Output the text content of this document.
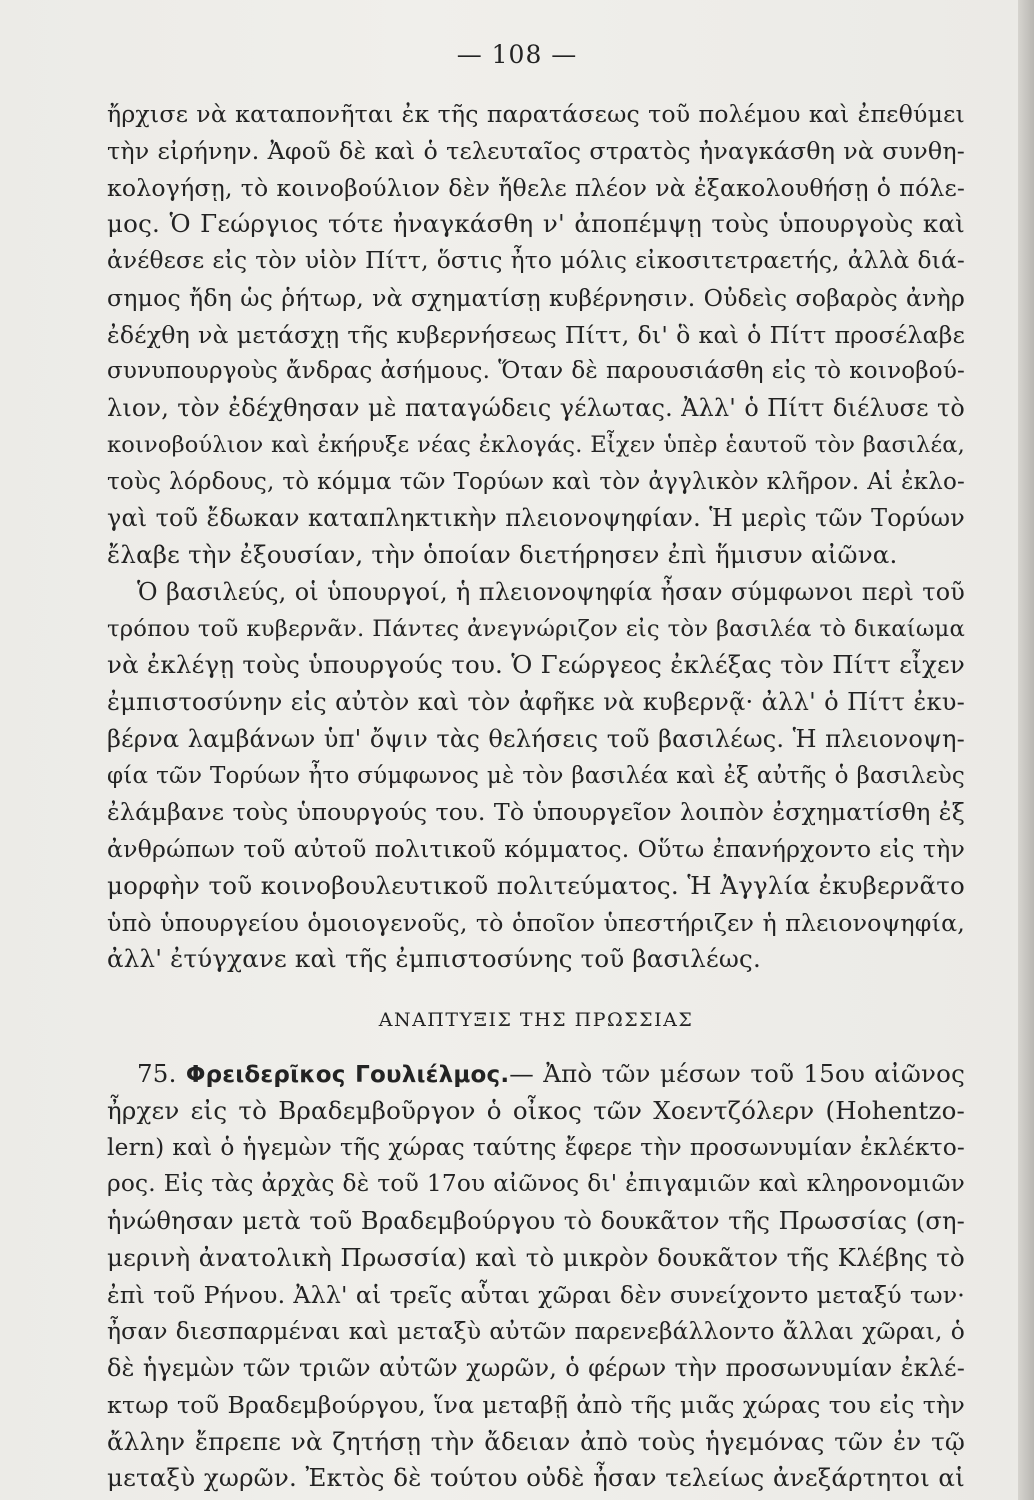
— 108 —
ἤρχισε νὰ καταπονῆται ἐκ τῆς παρατάσεως τοῦ πολέμου καὶ ἐπεθύμει
τὴν εἰρήνην. Ἀφοῦ δὲ καὶ ὁ τελευταῖος στρατὸς ἠναγκάσθη νὰ συνθη-
κολογήσῃ, τὸ κοινοβούλιον δὲν ἤθελε πλέον νὰ ἐξακολουθήσῃ ὁ πόλε-
μος. Ὁ Γεώργιος τότε ἠναγκάσθη ν' ἀποπέμψῃ τοὺς ὑπουργοὺς καὶ
ἀνέθεσε εἰς τὸν υἱὸν Πίττ, ὅστις ἦτο μόλις εἰκοσιτετραετής, ἀλλὰ διά-
σημος ἤδη ὡς ῥήτωρ, νὰ σχηματίσῃ κυβέρνησιν. Οὐδεὶς σοβαρὸς ἀνὴρ
ἐδέχθη νὰ μετάσχῃ τῆς κυβερνήσεως Πίττ, δι' ὃ καὶ ὁ Πίττ προσέλαβε
συνυπουργοὺς ἄνδρας ἀσήμους. Ὅταν δὲ παρουσιάσθη εἰς τὸ κοινοβού-
λιον, τὸν ἐδέχθησαν μὲ παταγώδεις γέλωτας. Ἀλλ' ὁ Πίττ διέλυσε τὸ
κοινοβούλιον καὶ ἐκήρυξε νέας ἐκλογάς. Εἶχεν ὑπὲρ ἑαυτοῦ τὸν βασιλέα,
τοὺς λόρδους, τὸ κόμμα τῶν Τορύων καὶ τὸν ἀγγλικὸν κλῆρον. Αἱ ἐκλο-
γαὶ τοῦ ἔδωκαν καταπληκτικὴν πλειονοψηφίαν. Ἡ μερὶς τῶν Τορύων
ἔλαβε τὴν ἐξουσίαν, τὴν ὁποίαν διετήρησεν ἐπὶ ἥμισυν αἰῶνα.
Ὁ βασιλεύς, οἱ ὑπουργοί, ἡ πλειονοψηφία ἦσαν σύμφωνοι περὶ τοῦ
τρόπου τοῦ κυβερνᾶν. Πάντες ἀνεγνώριζον εἰς τὸν βασιλέα τὸ δικαίωμα
νὰ ἐκλέγῃ τοὺς ὑπουργούς του. Ὁ Γεώργεος ἐκλέξας τὸν Πίττ εἶχεν
ἐμπιστοσύνην εἰς αὐτὸν καὶ τὸν ἀφῆκε νὰ κυβερνᾷ· ἀλλ' ὁ Πίττ ἐκυ-
βέρνα λαμβάνων ὑπ' ὄψιν τὰς θελήσεις τοῦ βασιλέως. Ἡ πλειονοψη-
φία τῶν Τορύων ἦτο σύμφωνος μὲ τὸν βασιλέα καὶ ἐξ αὐτῆς ὁ βασιλεὺς
ἐλάμβανε τοὺς ὑπουργούς του. Τὸ ὑπουργεῖον λοιπὸν ἐσχηματίσθη ἐξ
ἀνθρώπων τοῦ αὐτοῦ πολιτικοῦ κόμματος. Οὕτω ἐπανήρχοντο εἰς τὴν
μορφὴν τοῦ κοινοβουλευτικοῦ πολιτεύματος. Ἡ Ἀγγλία ἐκυβερνᾶτο
ὑπὸ ὑπουργείου ὁμοιογενοῦς, τὸ ὁποῖον ὑπεστήριζεν ἡ πλειονοψηφία,
ἀλλ' ἐτύγχανε καὶ τῆς ἐμπιστοσύνης τοῦ βασιλέως.
ΑΝΑΠΤΥΞΙΣ ΤΗΣ ΠΡΩΣΣΙΑΣ
75. Φρειδερῖκος Γουλιέλμος.— Ἀπὸ τῶν μέσων τοῦ 15ου αἰῶνος
ἦρχεν εἰς τὸ Βραδεμβοῦργον ὁ οἶκος τῶν Χοεντζόλερν (Hohentzo-
lern) καὶ ὁ ἡγεμὼν τῆς χώρας ταύτης ἔφερε τὴν προσωνυμίαν ἐκλέκτο-
ρος. Εἰς τὰς ἀρχὰς δὲ τοῦ 17ου αἰῶνος δι' ἐπιγαμιῶν καὶ κληρονομιῶν
ἡνώθησαν μετὰ τοῦ Βραδεμβούργου τὸ δουκᾶτον τῆς Πρωσσίας (ση-
μερινὴ ἀνατολικὴ Πρωσσία) καὶ τὸ μικρὸν δουκᾶτον τῆς Κλέβης τὸ
ἐπὶ τοῦ Ρήνου. Ἀλλ' αἱ τρεῖς αὗται χῶραι δὲν συνείχοντο μεταξύ των·
ἦσαν διεσπαρμέναι καὶ μεταξὺ αὐτῶν παρενεβάλλοντο ἄλλαι χῶραι, ὁ
δὲ ἡγεμὼν τῶν τριῶν αὐτῶν χωρῶν, ὁ φέρων τὴν προσωνυμίαν ἐκλέ-
κτωρ τοῦ Βραδεμβούργου, ἵνα μεταβῇ ἀπὸ τῆς μιᾶς χώρας του εἰς τὴν
ἄλλην ἔπρεπε νὰ ζητήσῃ τὴν ἄδειαν ἀπὸ τοὺς ἡγεμόνας τῶν ἐν τῷ
μεταξὺ χωρῶν. Ἐκτὸς δὲ τούτου οὐδὲ ἦσαν τελείως ἀνεξάρτητοι αἱ
